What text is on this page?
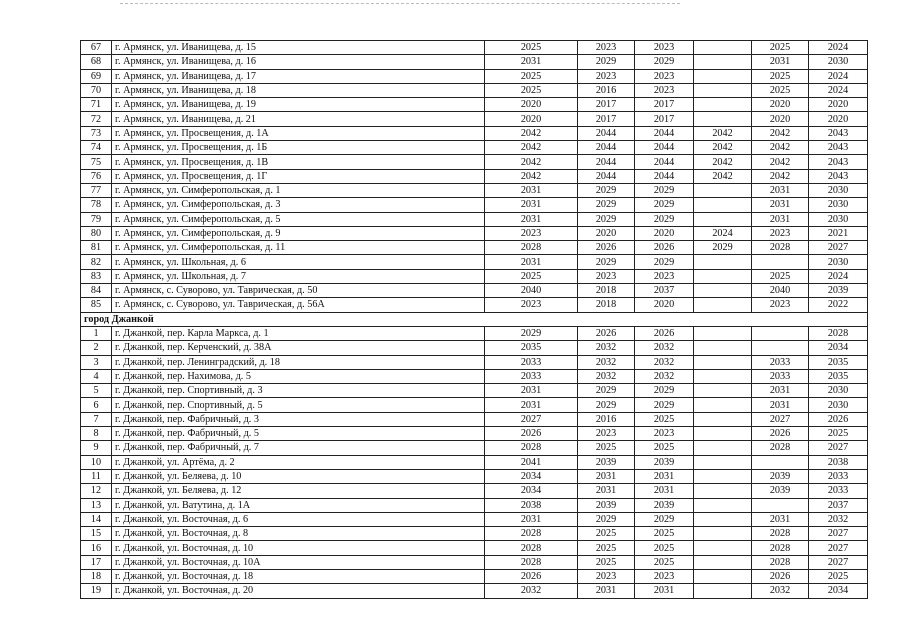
67	г. Армянск, ул. Иванищева, д. 15	2025	2023	2023		2025	2024
68	г. Армянск, ул. Иванищева, д. 16	2031	2029	2029		2031	2030
69	г. Армянск, ул. Иванищева, д. 17	2025	2023	2023		2025	2024
70	г. Армянск, ул. Иванищева, д. 18	2025	2016	2023		2025	2024
71	г. Армянск, ул. Иванищева, д. 19	2020	2017	2017		2020	2020
72	г. Армянск, ул. Иванищева, д. 21	2020	2017	2017		2020	2020
73	г. Армянск, ул. Просвещения, д. 1А	2042	2044	2044	2042	2042	2043
74	г. Армянск, ул. Просвещения, д. 1Б	2042	2044	2044	2042	2042	2043
75	г. Армянск, ул. Просвещения, д. 1В	2042	2044	2044	2042	2042	2043
76	г. Армянск, ул. Просвещения, д. 1Г	2042	2044	2044	2042	2042	2043
77	г. Армянск, ул. Симферопольская, д. 1	2031	2029	2029		2031	2030
78	г. Армянск, ул. Симферопольская, д. 3	2031	2029	2029		2031	2030
79	г. Армянск, ул. Симферопольская, д. 5	2031	2029	2029		2031	2030
80	г. Армянск, ул. Симферопольская, д. 9	2023	2020	2020	2024	2023	2021
81	г. Армянск, ул. Симферопольская, д. 11	2028	2026	2026	2029	2028	2027
82	г. Армянск, ул. Школьная, д. 6	2031	2029	2029			2030
83	г. Армянск, ул. Школьная, д. 7	2025	2023	2023		2025	2024
84	г. Армянск, с. Суворово, ул. Таврическая, д. 50	2040	2018	2037		2040	2039
85	г. Армянск, с. Суворово, ул. Таврическая, д. 56А	2023	2018	2020		2023	2022
город Джанкой							
1	г. Джанкой, пер. Карла Маркса, д. 1	2029	2026	2026			2028
2	г. Джанкой, пер. Керченский, д. 38А	2035	2032	2032			2034
3	г. Джанкой, пер. Ленинградский, д. 18	2033	2032	2032		2033	2035
4	г. Джанкой, пер. Нахимова, д. 5	2033	2032	2032		2033	2035
5	г. Джанкой, пер. Спортивный, д. 3	2031	2029	2029		2031	2030
6	г. Джанкой, пер. Спортивный, д. 5	2031	2029	2029		2031	2030
7	г. Джанкой, пер. Фабричный, д. 3	2027	2016	2025		2027	2026
8	г. Джанкой, пер. Фабричный, д. 5	2026	2023	2023		2026	2025
9	г. Джанкой, пер. Фабричный, д. 7	2028	2025	2025		2028	2027
10	г. Джанкой, ул. Артёма, д. 2	2041	2039	2039			2038
11	г. Джанкой, ул. Беляева, д. 10	2034	2031	2031		2039	2033
12	г. Джанкой, ул. Беляева, д. 12	2034	2031	2031		2039	2033
13	г. Джанкой, ул. Ватутина, д. 1А	2038	2039	2039			2037
14	г. Джанкой, ул. Восточная, д. 6	2031	2029	2029		2031	2032
15	г. Джанкой, ул. Восточная, д. 8	2028	2025	2025		2028	2027
16	г. Джанкой, ул. Восточная, д. 10	2028	2025	2025		2028	2027
17	г. Джанкой, ул. Восточная, д. 10А	2028	2025	2025		2028	2027
18	г. Джанкой, ул. Восточная, д. 18	2026	2023	2023		2026	2025
19	г. Джанкой, ул. Восточная, д. 20	2032	2031	2031		2032	2034
